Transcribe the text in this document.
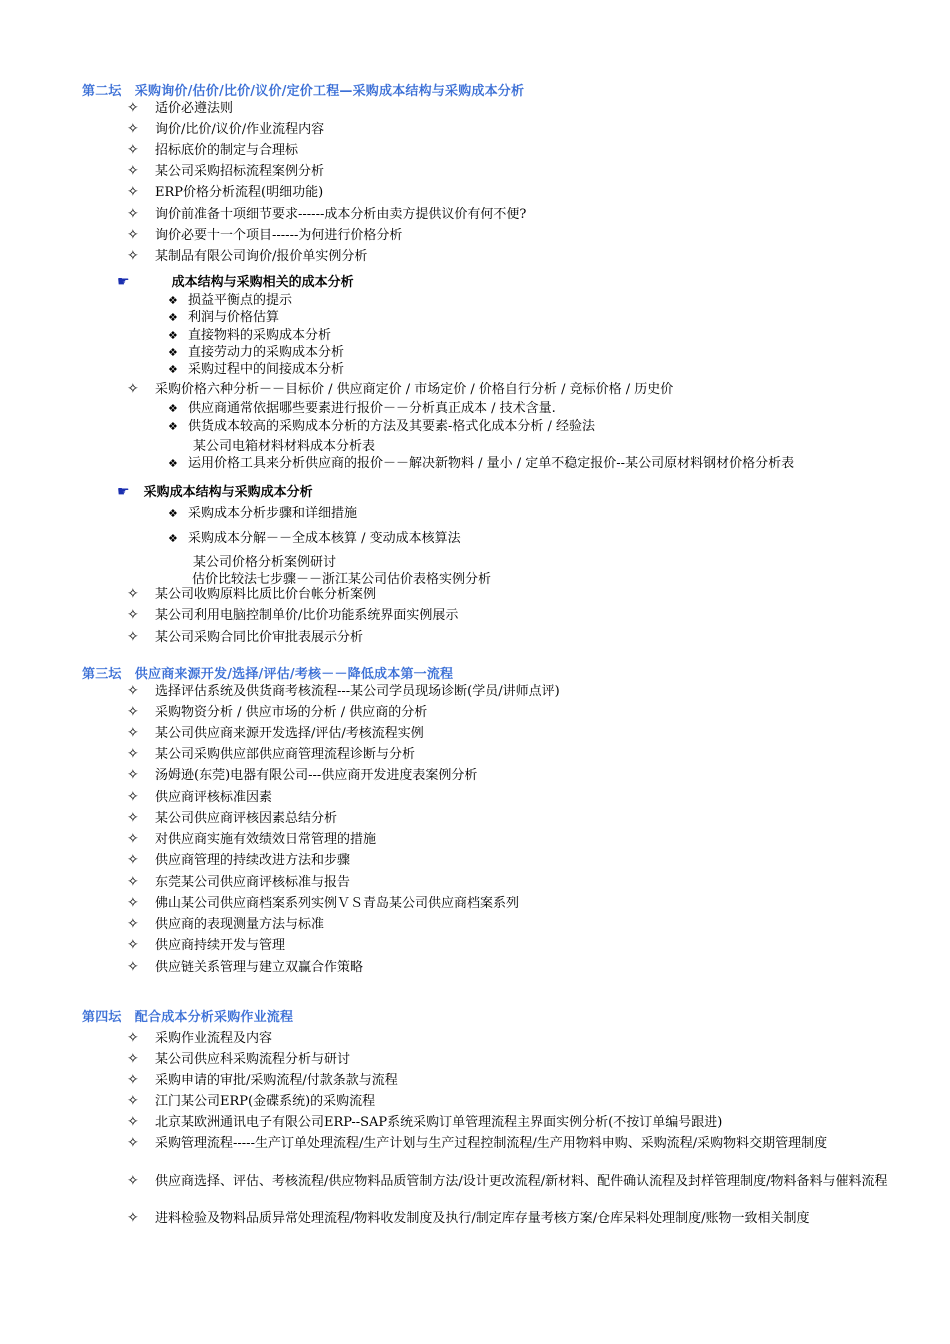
第二坛　采购询价/估价/比价/议价/定价工程—采购成本结构与采购成本分析
✧ 适价必遵法则
✧ 询价/比价/议价/作业流程内容
✧ 招标底价的制定与合理标
✧ 某公司采购招标流程案例分析
✧ ERP价格分析流程(明细功能)
✧ 询价前准备十项细节要求------成本分析由卖方提供议价有何不便?
✧ 询价必要十一个项目------为何进行价格分析
✧ 某制品有限公司询价/报价单实例分析
☛	成本结构与采购相关的成本分析
❖ 损益平衡点的提示
❖ 利润与价格估算
❖ 直接物料的采购成本分析
❖ 直接劳动力的采购成本分析
❖ 采购过程中的间接成本分析
✧ 采购价格六种分析－－目标价 / 供应商定价 / 市场定价 / 价格自行分析 / 竞标价格 / 历史价
❖ 供应商通常依据哪些要素进行报价－－分析真正成本 / 技术含量.
❖ 供货成本较高的采购成本分析的方法及其要素-格式化成本分析 / 经验法
某公司电箱材料材料成本分析表
❖ 运用价格工具来分析供应商的报价－－解决新物料 / 量小 / 定单不稳定报价--某公司原材料钢材价格分析表
☛ 采购成本结构与采购成本分析
❖ 采购成本分析步骤和详细措施
❖ 采购成本分解－－全成本核算 / 变动成本核算法
某公司价格分析案例研讨
估价比较法七步骤－－浙江某公司估价表格实例分析
✧ 某公司收购原料比质比价台帐分析案例
✧ 某公司利用电脑控制单价/比价功能系统界面实例展示
✧ 某公司采购合同比价审批表展示分析
第三坛　供应商来源开发/选择/评估/考核－－降低成本第一流程
✧ 选择评估系统及供货商考核流程---某公司学员现场诊断(学员/讲师点评)
✧ 采购物资分析 / 供应市场的分析 / 供应商的分析
✧ 某公司供应商来源开发选择/评估/考核流程实例
✧ 某公司采购供应部供应商管理流程诊断与分析
✧ 汤姆逊(东莞)电器有限公司---供应商开发进度表案例分析
✧ 供应商评核标准因素
✧ 某公司供应商评核因素总结分析
✧ 对供应商实施有效绩效日常管理的措施
✧ 供应商管理的持续改进方法和步骤
✧ 东莞某公司供应商评核标准与报告
✧ 佛山某公司供应商档案系列实例ＶＳ青岛某公司供应商档案系列
✧ 供应商的表现测量方法与标准
✧ 供应商持续开发与管理
✧ 供应链关系管理与建立双赢合作策略
第四坛　配合成本分析采购作业流程
✧ 采购作业流程及内容
✧ 某公司供应科采购流程分析与研讨
✧ 采购申请的审批/采购流程/付款条款与流程
✧ 江门某公司ERP(金碟系统)的采购流程
✧ 北京某欧洲通讯电子有限公司ERP--SAP系统采购订单管理流程主界面实例分析(不按订单编号跟进)
✧ 采购管理流程-----生产订单处理流程/生产计划与生产过程控制流程/生产用物料申购、采购流程/采购物料交期管理制度
✧ 供应商选择、评估、考核流程/供应物料品质管制方法/设计更改流程/新材料、配件确认流程及封样管理制度/物料备料与催料流程
✧ 进料检验及物料品质异常处理流程/物料收发制度及执行/制定库存量考核方案/仓库呆料处理制度/账物一致相关制度
